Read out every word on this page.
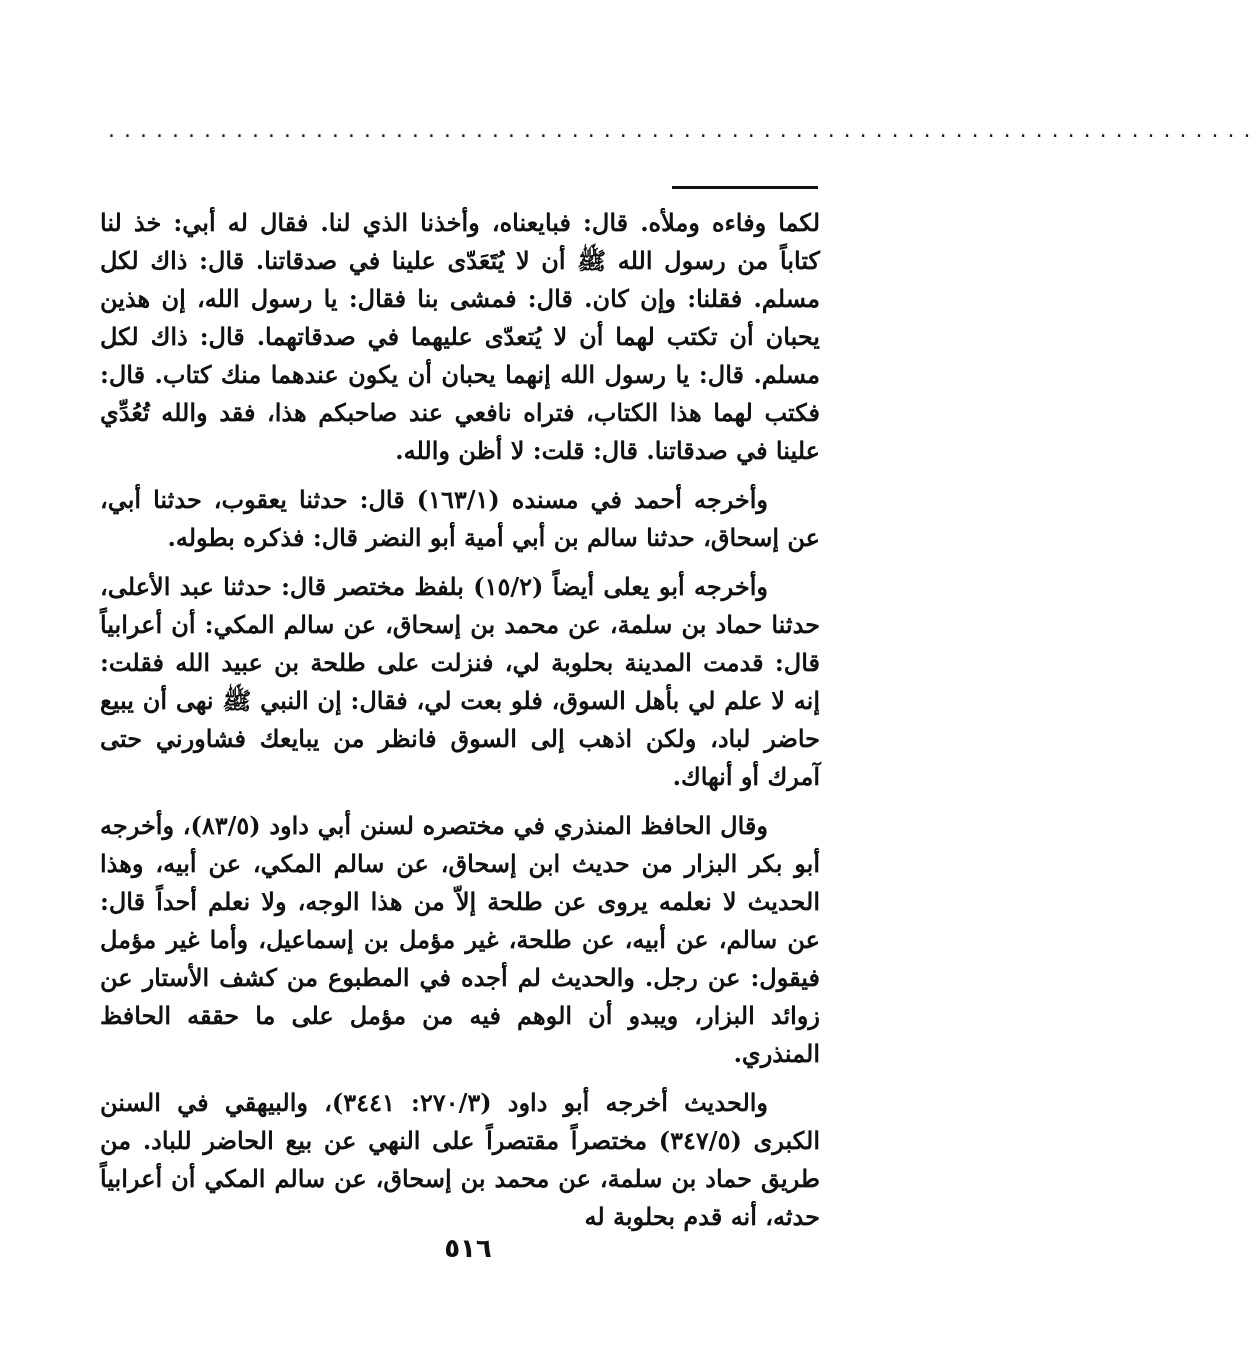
........................................................................

لكما وفاءه وملأه. قال: فبايعناه، وأخذنا الذي لنا. فقال له أبي: خذ لنا كتاباً من رسول الله ﷺ أن لا يُتَعَدّى علينا في صدقاتنا. قال: ذاك لكل مسلم. فقلنا: وإن كان. قال: فمشى بنا فقال: يا رسول الله، إن هذين يحبان أن تكتب لهما أن لا يُتعدّى عليهما في صدقاتهما. قال: ذاك لكل مسلم. قال: يا رسول الله إنهما يحبان أن يكون عندهما منك كتاب. قال: فكتب لهما هذا الكتاب، فتراه نافعي عند صاحبكم هذا، فقد والله تُعُدِّي علينا في صدقاتنا. قال: قلت: لا أظن والله.

وأخرجه أحمد في مسنده (١٦٣/١) قال: حدثنا يعقوب، حدثنا أبي، عن إسحاق، حدثنا سالم بن أبي أمية أبو النضر قال: فذكره بطوله.

وأخرجه أبو يعلى أيضاً (١٥/٢) بلفظ مختصر قال: حدثنا عبد الأعلى، حدثنا حماد بن سلمة، عن محمد بن إسحاق، عن سالم المكي: أن أعرابياً قال: قدمت المدينة بحلوبة لي، فنزلت على طلحة بن عبيد الله فقلت: إنه لا علم لي بأهل السوق، فلو بعت لي، فقال: إن النبي ﷺ نهى أن يبيع حاضر لباد، ولكن اذهب إلى السوق فانظر من يبايعك فشاورني حتى آمرك أو أنهاك.

وقال الحافظ المنذري في مختصره لسنن أبي داود (٨٣/٥)، وأخرجه أبو بكر البزار من حديث ابن إسحاق، عن سالم المكي، عن أبيه، وهذا الحديث لا نعلمه يروى عن طلحة إلاّ من هذا الوجه، ولا نعلم أحداً قال: عن سالم، عن أبيه، عن طلحة، غير مؤمل بن إسماعيل، وأما غير مؤمل فيقول: عن رجل. والحديث لم أجده في المطبوع من كشف الأستار عن زوائد البزار، ويبدو أن الوهم فيه من مؤمل على ما حققه الحافظ المنذري.

والحديث أخرجه أبو داود (٢٧٠/٣: ٣٤٤١)، والبيهقي في السنن الكبرى (٣٤٧/٥) مختصراً مقتصراً على النهي عن بيع الحاضر للباد. من طريق حماد بن سلمة، عن محمد بن إسحاق، عن سالم المكي أن أعرابياً حدثه، أنه قدم بحلوبة له

٥١٦
